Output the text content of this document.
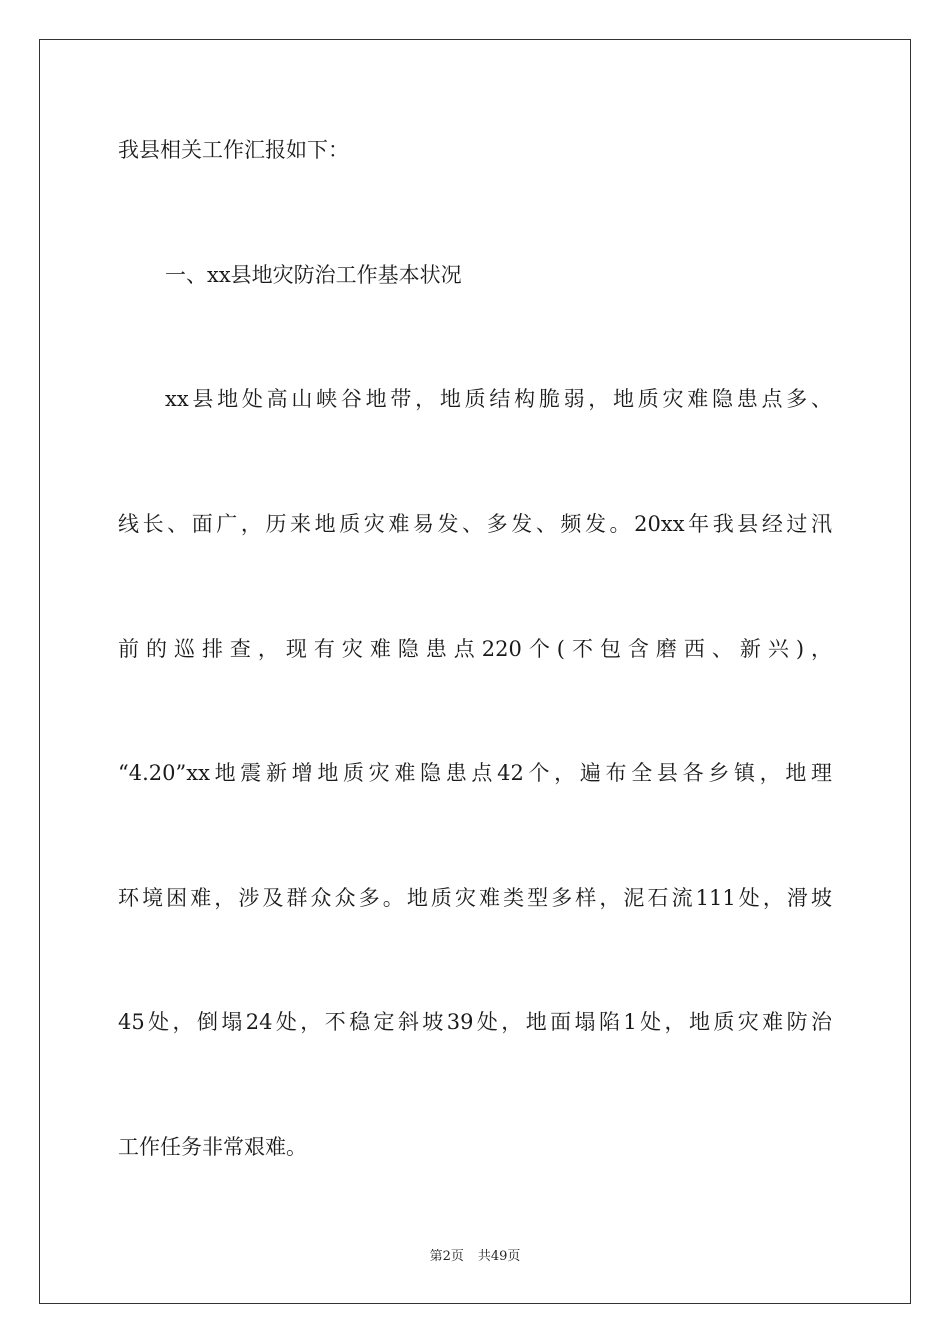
我县相关工作汇报如下：
一、xx县地灾防治工作基本状况
xx县地处高山峡谷地带，地质结构脆弱，地质灾难隐患点多、
线长、面广，历来地质灾难易发、多发、频发。20xx年我县经过汛
前的巡排查，现有灾难隐患点220个(不包含磨西、新兴)，
“4.20”xx地震新增地质灾难隐患点42个，遍布全县各乡镇，地理
环境困难，涉及群众众多。地质灾难类型多样，泥石流111处，滑坡
45处，倒塌24处，不稳定斜坡39处，地面塌陷1处，地质灾难防治
工作任务非常艰难。
第2页 共49页
